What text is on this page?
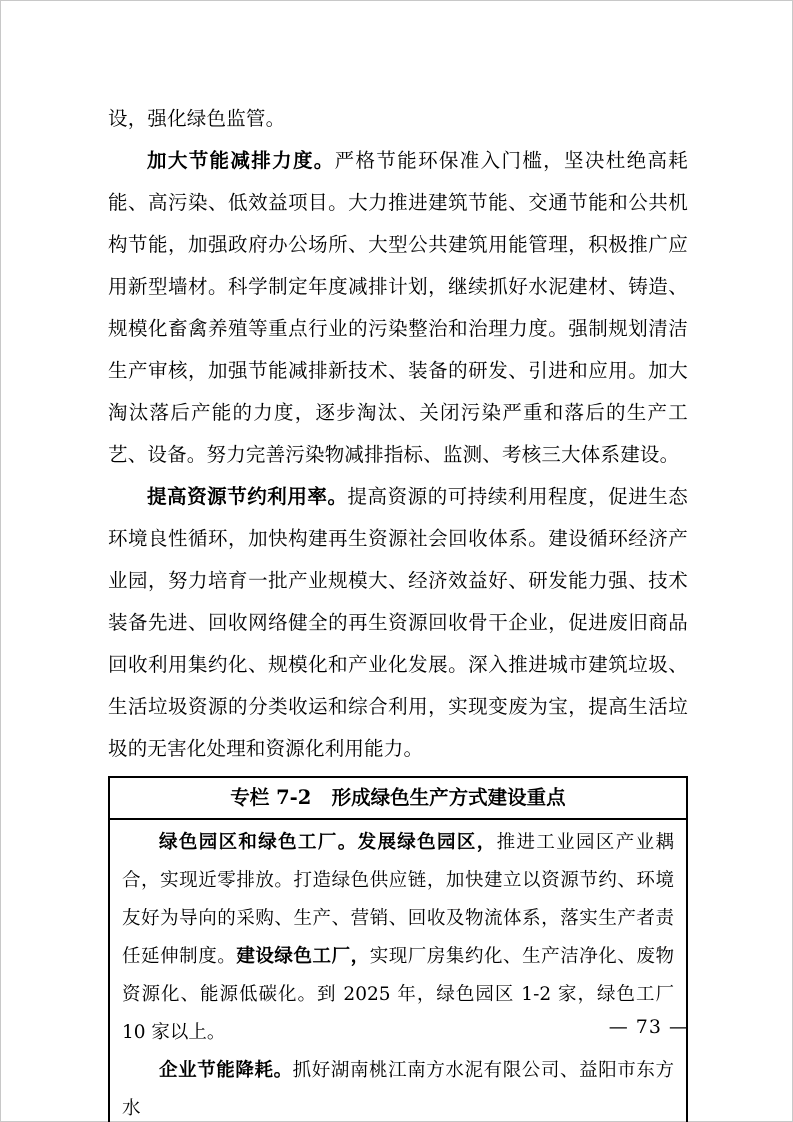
设，强化绿色监管。

加大节能减排力度。严格节能环保准入门槛，坚决杜绝高耗能、高污染、低效益项目。大力推进建筑节能、交通节能和公共机构节能，加强政府办公场所、大型公共建筑用能管理，积极推广应用新型墙材。科学制定年度减排计划，继续抓好水泥建材、铸造、规模化畜禽养殖等重点行业的污染整治和治理力度。强制规划清洁生产审核，加强节能减排新技术、装备的研发、引进和应用。加大淘汰落后产能的力度，逐步淘汰、关闭污染严重和落后的生产工艺、设备。努力完善污染物减排指标、监测、考核三大体系建设。

提高资源节约利用率。提高资源的可持续利用程度，促进生态环境良性循环，加快构建再生资源社会回收体系。建设循环经济产业园，努力培育一批产业规模大、经济效益好、研发能力强、技术装备先进、回收网络健全的再生资源回收骨干企业，促进废旧商品回收利用集约化、规模化和产业化发展。深入推进城市建筑垃圾、生活垃圾资源的分类收运和综合利用，实现变废为宝，提高生活垃圾的无害化处理和资源化利用能力。

专栏 7-2   形成绿色生产方式建设重点

绿色园区和绿色工厂。发展绿色园区，推进工业园区产业耦合，实现近零排放。打造绿色供应链，加快建立以资源节约、环境友好为导向的采购、生产、营销、回收及物流体系，落实生产者责任延伸制度。建设绿色工厂，实现厂房集约化、生产洁净化、废物资源化、能源低碳化。到 2025 年，绿色园区 1-2 家，绿色工厂 10 家以上。

企业节能降耗。抓好湖南桃江南方水泥有限公司、益阳市东方水

— 73 —
